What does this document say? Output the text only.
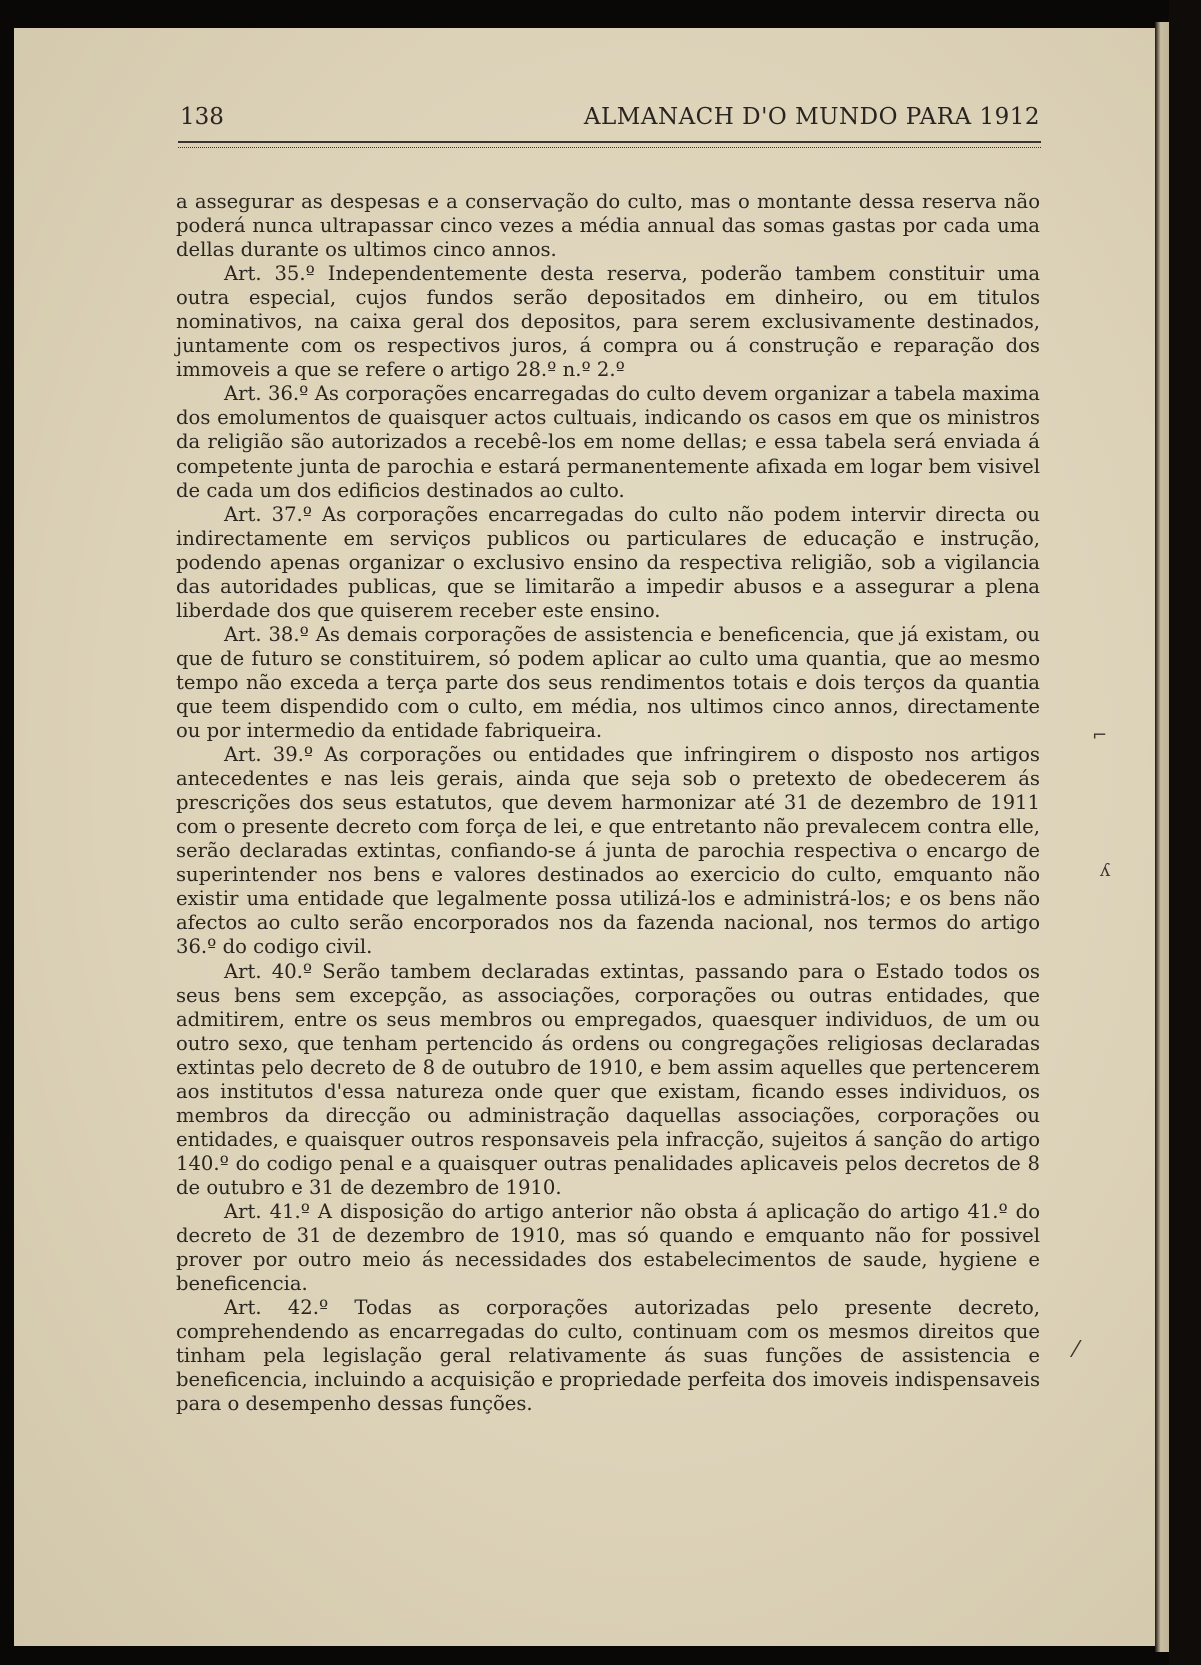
138	ALMANACH D'O MUNDO PARA 1912

a assegurar as despesas e a conservação do culto, mas o montante dessa reserva não poderá nunca ultrapassar cinco vezes a média annual das somas gastas por cada uma dellas durante os ultimos cinco annos.

Art. 35.º Independentemente desta reserva, poderão tambem constituir uma outra especial, cujos fundos serão depositados em dinheiro, ou em titulos nominativos, na caixa geral dos depositos, para serem exclusivamente destinados, juntamente com os respectivos juros, á compra ou á construção e reparação dos immoveis a que se refere o artigo 28.º n.º 2.º

Art. 36.º As corporações encarregadas do culto devem organizar a tabela maxima dos emolumentos de quaisquer actos cultuais, indicando os casos em que os ministros da religião são autorizados a recebê-los em nome dellas; e essa tabela será enviada á competente junta de parochia e estará permanentemente afixada em logar bem visivel de cada um dos edificios destinados ao culto.

Art. 37.º As corporações encarregadas do culto não podem intervir directa ou indirectamente em serviços publicos ou particulares de educação e instrução, podendo apenas organizar o exclusivo ensino da respectiva religião, sob a vigilancia das autoridades publicas, que se limitarão a impedir abusos e a assegurar a plena liberdade dos que quiserem receber este ensino.

Art. 38.º As demais corporações de assistencia e beneficencia, que já existam, ou que de futuro se constituirem, só podem aplicar ao culto uma quantia, que ao mesmo tempo não exceda a terça parte dos seus rendimentos totais e dois terços da quantia que teem dispendido com o culto, em média, nos ultimos cinco annos, directamente ou por intermedio da entidade fabriqueira.

Art. 39.º As corporações ou entidades que infringirem o disposto nos artigos antecedentes e nas leis gerais, ainda que seja sob o pretexto de obedecerem ás prescrições dos seus estatutos, que devem harmonizar até 31 de dezembro de 1911 com o presente decreto com força de lei, e que entretanto não prevalecem contra elle, serão declaradas extintas, confiando-se á junta de parochia respectiva o encargo de superintender nos bens e valores destinados ao exercicio do culto, emquanto não existir uma entidade que legalmente possa utilizá-los e administrá-los; e os bens não afectos ao culto serão encorporados nos da fazenda nacional, nos termos do artigo 36.º do codigo civil.

Art. 40.º Serão tambem declaradas extintas, passando para o Estado todos os seus bens sem excepção, as associações, corporações ou outras entidades, que admitirem, entre os seus membros ou empregados, quaesquer individuos, de um ou outro sexo, que tenham pertencido ás ordens ou congregações religiosas declaradas extintas pelo decreto de 8 de outubro de 1910, e bem assim aquelles que pertencerem aos institutos d'essa natureza onde quer que existam, ficando esses individuos, os membros da direcção ou administração daquellas associações, corporações ou entidades, e quaisquer outros responsaveis pela infracção, sujeitos á sanção do artigo 140.º do codigo penal e a quaisquer outras penalidades aplicaveis pelos decretos de 8 de outubro e 31 de dezembro de 1910.

Art. 41.º A disposição do artigo anterior não obsta á aplicação do artigo 41.º do decreto de 31 de dezembro de 1910, mas só quando e emquanto não for possivel prover por outro meio ás necessidades dos estabelecimentos de saude, hygiene e beneficencia.

Art. 42.º Todas as corporações autorizadas pelo presente decreto, comprehendendo as encarregadas do culto, continuam com os mesmos direitos que tinham pela legislação geral relativamente ás suas funções de assistencia e beneficencia, incluindo a acquisição e propriedade perfeita dos imoveis indispensaveis para o desempenho dessas funções.

⌐
ʎ
⁄
